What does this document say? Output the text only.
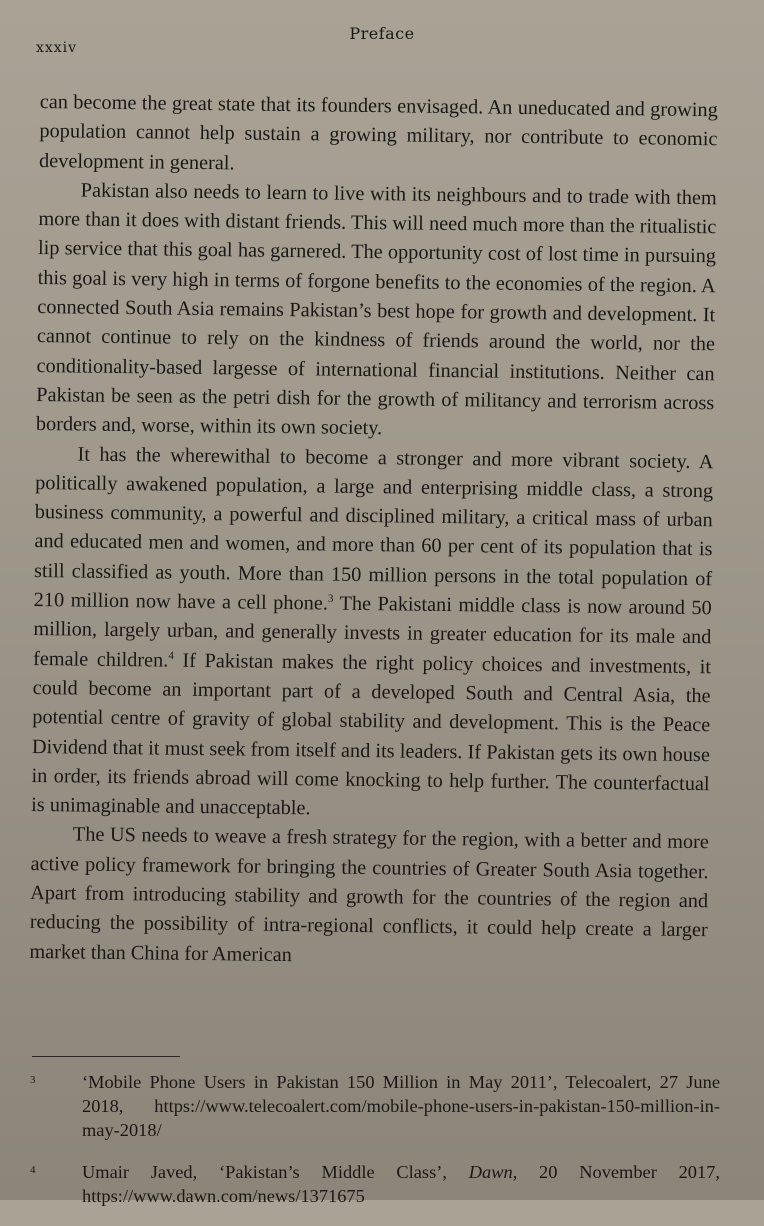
Preface
xxxiv

can become the great state that its founders envisaged. An uneducated and growing population cannot help sustain a growing military, nor contribute to economic development in general.

Pakistan also needs to learn to live with its neighbours and to trade with them more than it does with distant friends. This will need much more than the ritualistic lip service that this goal has garnered. The opportunity cost of lost time in pursuing this goal is very high in terms of forgone benefits to the economies of the region. A connected South Asia remains Pakistan’s best hope for growth and development. It cannot continue to rely on the kindness of friends around the world, nor the conditionality-based largesse of international financial institutions. Neither can Pakistan be seen as the petri dish for the growth of militancy and terrorism across borders and, worse, within its own society.

It has the wherewithal to become a stronger and more vibrant society. A politically awakened population, a large and enterprising middle class, a strong business community, a powerful and disciplined military, a critical mass of urban and educated men and women, and more than 60 per cent of its population that is still classified as youth. More than 150 million persons in the total population of 210 million now have a cell phone.$^3$ The Pakistani middle class is now around 50 million, largely urban, and generally invests in greater education for its male and female children.$^4$ If Pakistan makes the right policy choices and investments, it could become an important part of a developed South and Central Asia, the potential centre of gravity of global stability and development. This is the Peace Dividend that it must seek from itself and its leaders. If Pakistan gets its own house in order, its friends abroad will come knocking to help further. The counterfactual is unimaginable and unacceptable.

The US needs to weave a fresh strategy for the region, with a better and more active policy framework for bringing the countries of Greater South Asia together. Apart from introducing stability and growth for the countries of the region and reducing the possibility of intra-regional conflicts, it could help create a larger market than China for American

3	‘Mobile Phone Users in Pakistan 150 Million in May 2011’, Telecoalert, 27 June 2018, https://www.telecoalert.com/mobile-phone-users-in-pakistan-150-million-in-may-2018/
4	Umair Javed, ‘Pakistan’s Middle Class’, Dawn, 20 November 2017, https://www.dawn.com/news/1371675
